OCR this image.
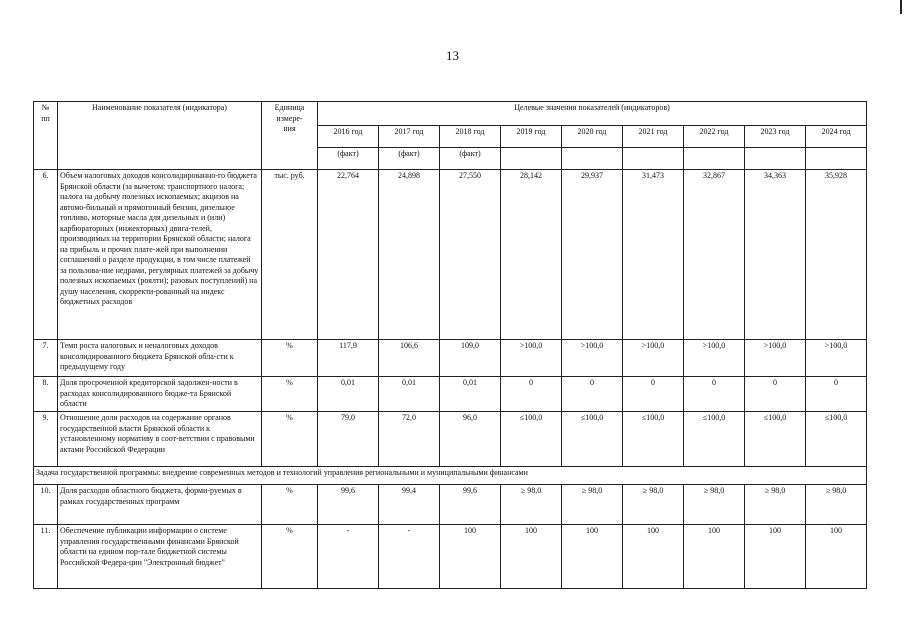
13
№
пп	Наименование показателя (индикатора)	Единица
измере-
ния	Целевые значения показателей (индикаторов)								
			2016 год	2017 год	2018 год	2019 год	2020 год	2021 год	2022 год	2023 год	2024 год
			(факт)	(факт)	(факт)						
6.	Объем налоговых доходов консолидированно-го бюджета Брянской области (за вычетом: транспортного налога; налога на добычу полезных ископаемых; акцизов на автомо-бильный и прямогонный бензин, дизельное топливо, моторные масла для дизельных и (или) карбюраторных (инжекторных) двига-телей, производимых на территории Брянской области; налога на прибыль и прочих плате-жей при выполнении соглашений о разделе продукции, в том числе платежей за пользова-ние недрами, регулярных платежей за добычу полезных ископаемых (роялти); разовых поступлений) на душу населения, скорректи-рованный на индекс бюджетных расходов	тыс. руб.	22,764	24,898	27,550	28,142	29,937	31,473	32,867	34,363	35,928
7.	Темп роста налоговых и неналоговых доходов консолидированного бюджета Брянской обла-сти к предыдущему году	%	117,9	106,6	109,0	>100,0	>100,0	>100,0	>100,0	>100,0	>100,0
8.	Доля просроченной кредиторской задолжен-ности в расходах консолидированного бюдже-та Брянской области	%	0,01	0,01	0,01	0	0	0	0	0	0
9.	Отношение доли расходов на содержание органов государственной власти Брянской области к установленному нормативу в соот-ветствии с правовыми актами Российской Федерации	%	79,0	72,0	96,0	≤100,0	≤100,0	≤100,0	≤100,0	≤100,0	≤100,0
Задача государственной программы: внедрение современных методов и технологий управления региональными и муниципальными финансами											
10.	Доля расходов областного бюджета, форми-руемых в рамках государственных программ	%	99,6	99,4	99,6	≥ 98,0	≥ 98,0	≥ 98,0	≥ 98,0	≥ 98,0	≥ 98,0
11.	Обеспечение публикации информации о системе управления государственными финансами Брянской области на едином пор-тале бюджетной системы Российской Федера-ции "Электронный бюджет"	%	-	-	100	100	100	100	100	100	100
